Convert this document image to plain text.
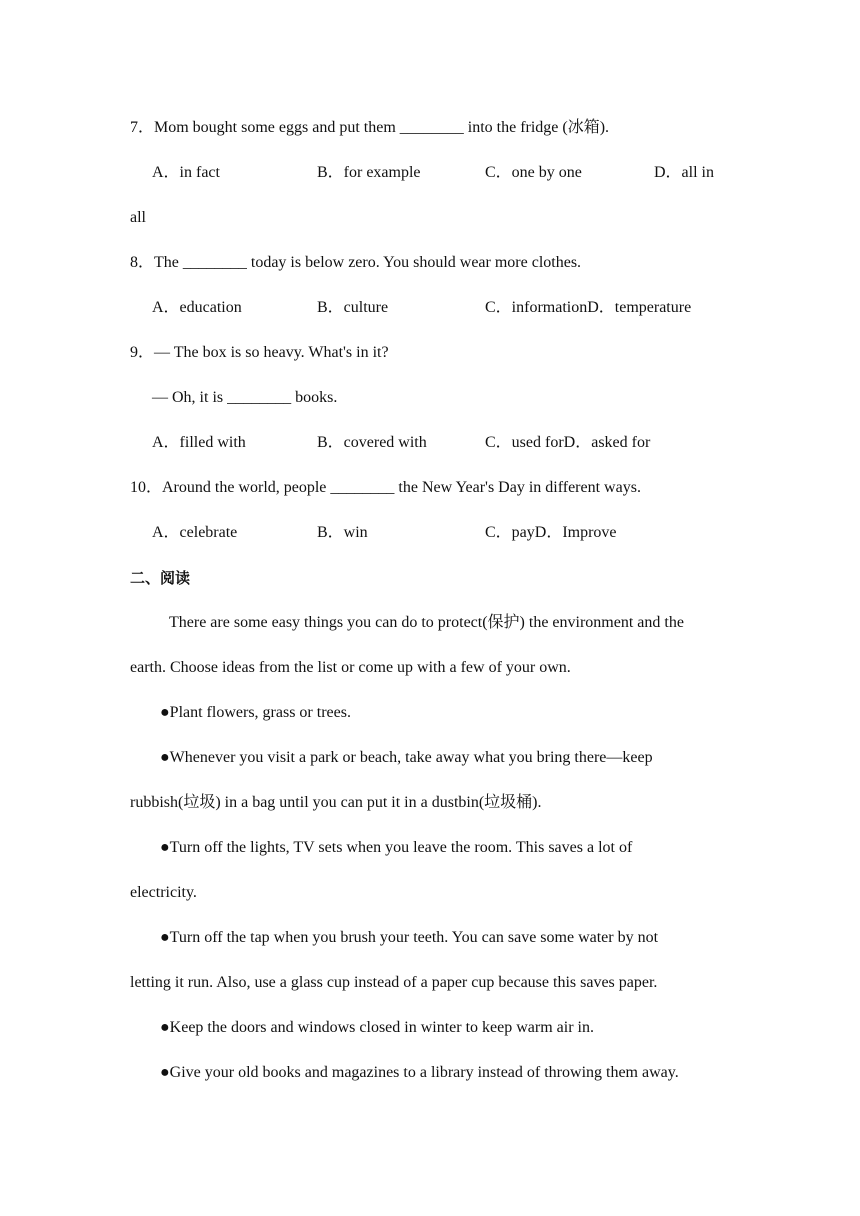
7．Mom bought some eggs and put them ________ into the fridge (冰箱).
A．in fact	B．for example	C．one by one	D．all in
all
8．The ________ today is below zero. You should wear more clothes.
A．education	B．culture	C．informationD．temperature
9．— The box is so heavy. What's in it?
— Oh, it is ________ books.
A．filled with	B．covered with	C．used forD．asked for
10．Around the world, people ________ the New Year's Day in different ways.
A．celebrate	B．win	C．payD．Improve
二、阅读
There are some easy things you can do to protect(保护) the environment and the
earth. Choose ideas from the list or come up with a few of your own.
●Plant flowers, grass or trees.
●Whenever you visit a park or beach, take away what you bring there—keep
rubbish(垃圾) in a bag until you can put it in a dustbin(垃圾桶).
●Turn off the lights, TV sets when you leave the room. This saves a lot of
electricity.
●Turn off the tap when you brush your teeth. You can save some water by not
letting it run. Also, use a glass cup instead of a paper cup because this saves paper.
●Keep the doors and windows closed in winter to keep warm air in.
●Give your old books and magazines to a library instead of throwing them away.
